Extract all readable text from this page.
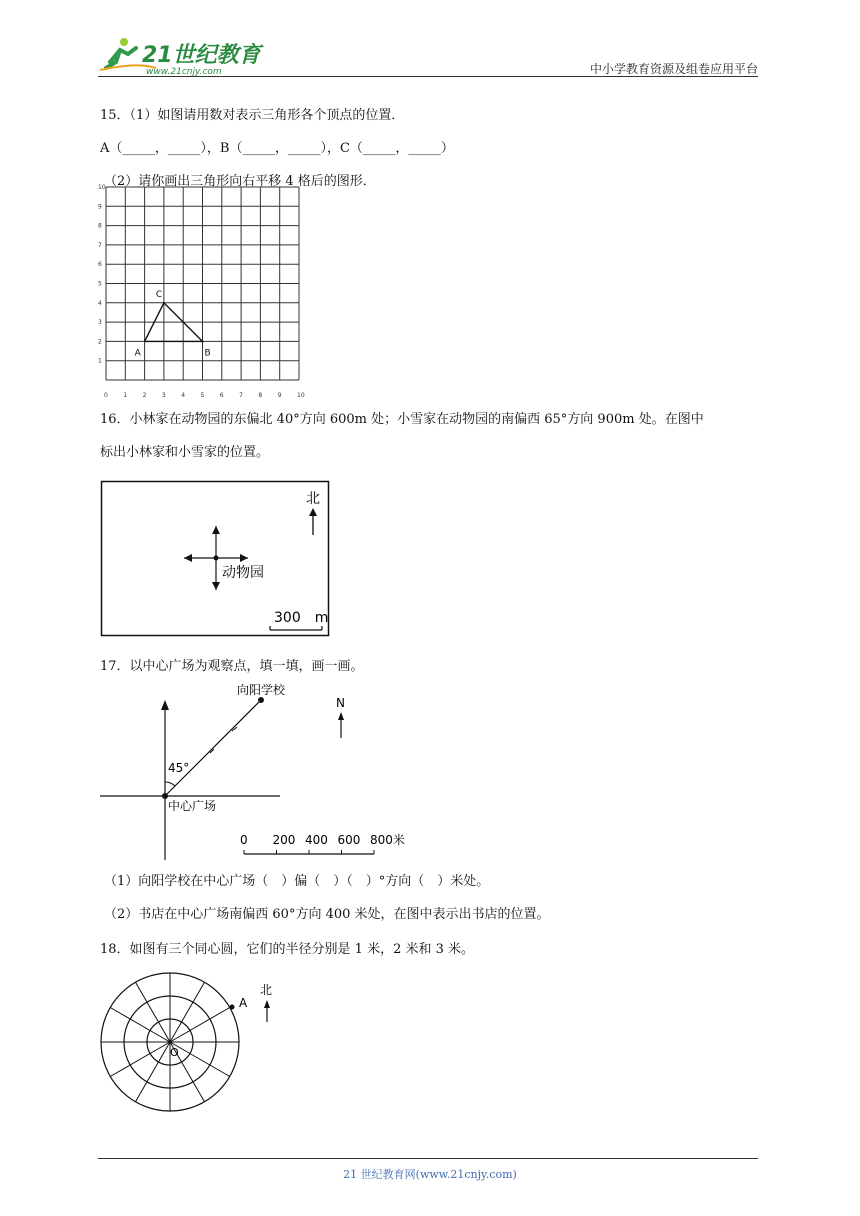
21世纪教育
www.21cnjy.com	中小学教育资源及组卷应用平台
15．（1）如图请用数对表示三角形各个顶点的位置．
A（_____，_____），B（_____，_____），C（_____，_____）
（2）请你画出三角形向右平移 4 格后的图形．
0	1	2	3	4	5	6	7	8	9	10
1
2
3
4
5
6
7
8
9
10
A	B
C
16．小林家在动物园的东偏北 40°方向 600m 处；小雪家在动物园的南偏西 65°方向 900m 处。在图中
标出小林家和小雪家的位置。
北
动物园
300　m
17．以中心广场为观察点，填一填，画一画。
向阳学校
45°
中心广场
N
0 200 400 600 800米
（1）向阳学校在中心广场（　）偏（　）（　）°方向（　）米处。
（2）书店在中心广场南偏西 60°方向 400 米处，在图中表示出书店的位置。
18．如图有三个同心圆，它们的半径分别是 1 米，2 米和 3 米。
A
O
北
21 世纪教育网(www.21cnjy.com)
